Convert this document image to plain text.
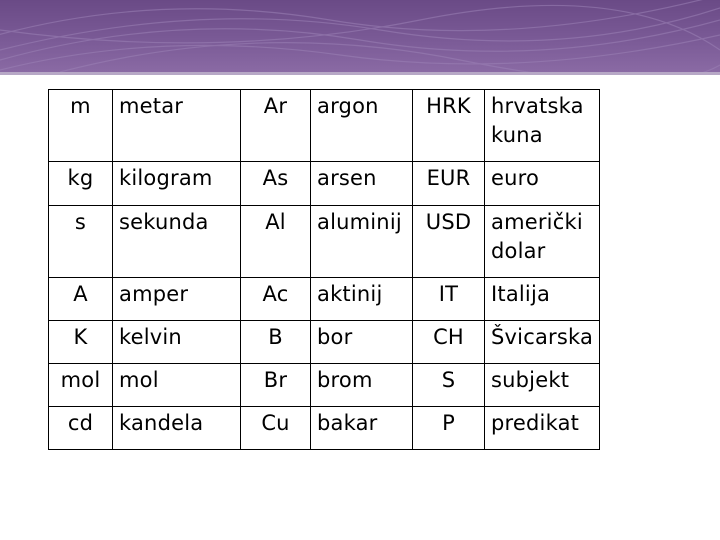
m	metar	Ar	argon	HRK	hrvatska kuna
kg	kilogram	As	arsen	EUR	euro
s	sekunda	Al	aluminij	USD	američki dolar
A	amper	Ac	aktinij	IT	Italija
K	kelvin	B	bor	CH	Švicarska
mol	mol	Br	brom	S	subjekt
cd	kandela	Cu	bakar	P	predikat
